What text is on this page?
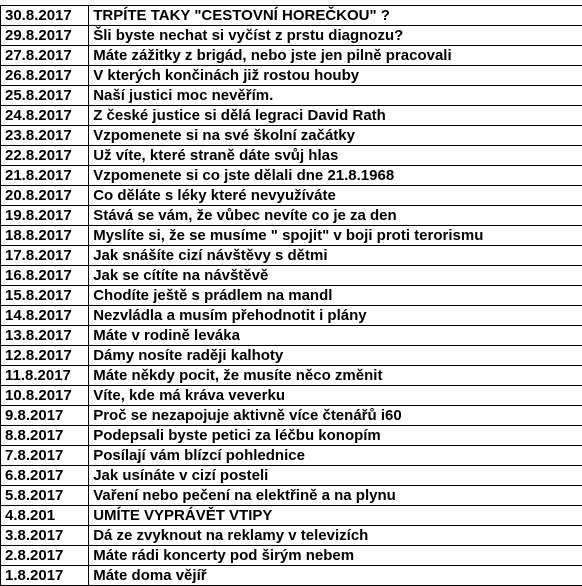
30.8.2017	TRPÍTE TAKY "CESTOVNÍ HOREČKOU" ?
29.8.2017	Šli byste nechat si vyčíst z prstu diagnozu?
27.8.2017	Máte zážitky z brigád, nebo jste jen pilně pracovali
26.8.2017	V kterých končinách již rostou houby
25.8.2017	Naší justici moc nevěřím.
24.8.2017	Z české justice si dělá legraci David Rath
23.8.2017	Vzpomenete si na své školní začátky
22.8.2017	Už víte, které straně dáte svůj hlas
21.8.2017	Vzpomenete si co jste dělali dne 21.8.1968
20.8.2017	Co děláte s léky které nevyužíváte
19.8.2017	Stává se vám, že vůbec nevíte co je za den
18.8.2017	Myslíte si, že se musíme " spojit" v boji proti terorismu
17.8.2017	Jak snášíte cizí návštěvy s dětmi
16.8.2017	Jak se cítíte na návštěvě
15.8.2017	Chodíte ještě s prádlem na mandl
14.8.2017	Nezvládla a musím přehodnotit i plány
13.8.2017	Máte v rodině leváka
12.8.2017	Dámy nosíte raději kalhoty
11.8.2017	Máte někdy pocit, že musíte něco změnit
10.8.2017	Víte, kde má kráva veverku
9.8.2017	Proč se nezapojuje aktivně více čtenářů i60
8.8.2017	Podepsali byste petici za léčbu konopím
7.8.2017	Posílají vám blízcí pohlednice
6.8.2017	Jak usínáte v cizí posteli
5.8.2017	Vaření nebo pečení na elektřině a na plynu
4.8.201	UMÍTE VYPRÁVĚT VTIPY
3.8.2017	Dá ze zvyknout na reklamy v televizích
2.8.2017	Máte rádi koncerty pod širým nebem
1.8.2017	Máte doma vějíř
